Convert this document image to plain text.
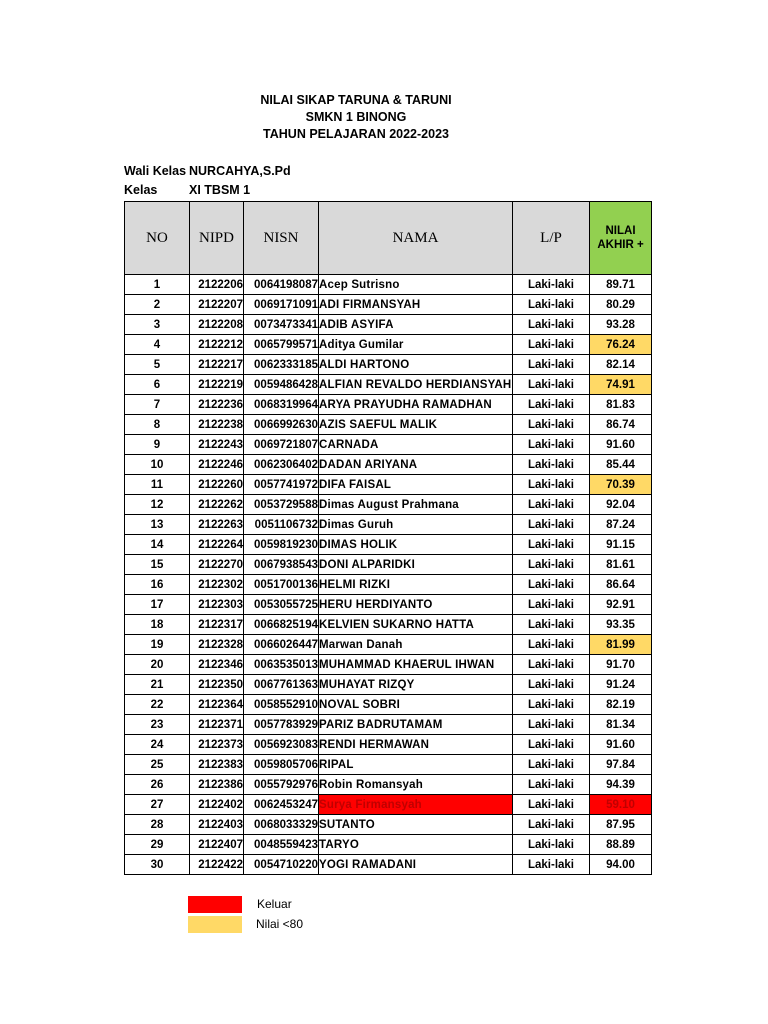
NILAI SIKAP TARUNA & TARUNI
SMKN 1 BINONG
TAHUN PELAJARAN 2022-2023
Wali Kelas NURCAHYA,S.Pd
Kelas	XI TBSM 1
NO	NIPD	NISN	NAMA	L/P	NILAI AKHIR +

1	2122206	0064198087	Acep Sutrisno	Laki-laki	89.71
2	2122207	0069171091	ADI FIRMANSYAH	Laki-laki	80.29
3	2122208	0073473341	ADIB ASYIFA	Laki-laki	93.28
4	2122212	0065799571	Aditya Gumilar	Laki-laki	76.24
5	2122217	0062333185	ALDI HARTONO	Laki-laki	82.14
6	2122219	0059486428	ALFIAN REVALDO HERDIANSYAH	Laki-laki	74.91
7	2122236	0068319964	ARYA PRAYUDHA RAMADHAN	Laki-laki	81.83
8	2122238	0066992630	AZIS SAEFUL MALIK	Laki-laki	86.74
9	2122243	0069721807	CARNADA	Laki-laki	91.60
10	2122246	0062306402	DADAN ARIYANA	Laki-laki	85.44
11	2122260	0057741972	DIFA FAISAL	Laki-laki	70.39
12	2122262	0053729588	Dimas August Prahmana	Laki-laki	92.04
13	2122263	0051106732	Dimas Guruh	Laki-laki	87.24
14	2122264	0059819230	DIMAS HOLIK	Laki-laki	91.15
15	2122270	0067938543	DONI ALPARIDKI	Laki-laki	81.61
16	2122302	0051700136	HELMI RIZKI	Laki-laki	86.64
17	2122303	0053055725	HERU HERDIYANTO	Laki-laki	92.91
18	2122317	0066825194	KELVIEN SUKARNO HATTA	Laki-laki	93.35
19	2122328	0066026447	Marwan Danah	Laki-laki	81.99
20	2122346	0063535013	MUHAMMAD KHAERUL IHWAN	Laki-laki	91.70
21	2122350	0067761363	MUHAYAT RIZQY	Laki-laki	91.24
22	2122364	0058552910	NOVAL SOBRI	Laki-laki	82.19
23	2122371	0057783929	PARIZ BADRUTAMAM	Laki-laki	81.34
24	2122373	0056923083	RENDI HERMAWAN	Laki-laki	91.60
25	2122383	0059805706	RIPAL	Laki-laki	97.84
26	2122386	0055792976	Robin Romansyah	Laki-laki	94.39
27	2122402	0062453247	Surya Firmansyah	Laki-laki	59.10
28	2122403	0068033329	SUTANTO	Laki-laki	87.95
29	2122407	0048559423	TARYO	Laki-laki	88.89
30	2122422	0054710220	YOGI RAMADANI	Laki-laki	94.00
Keluar
Nilai <80
